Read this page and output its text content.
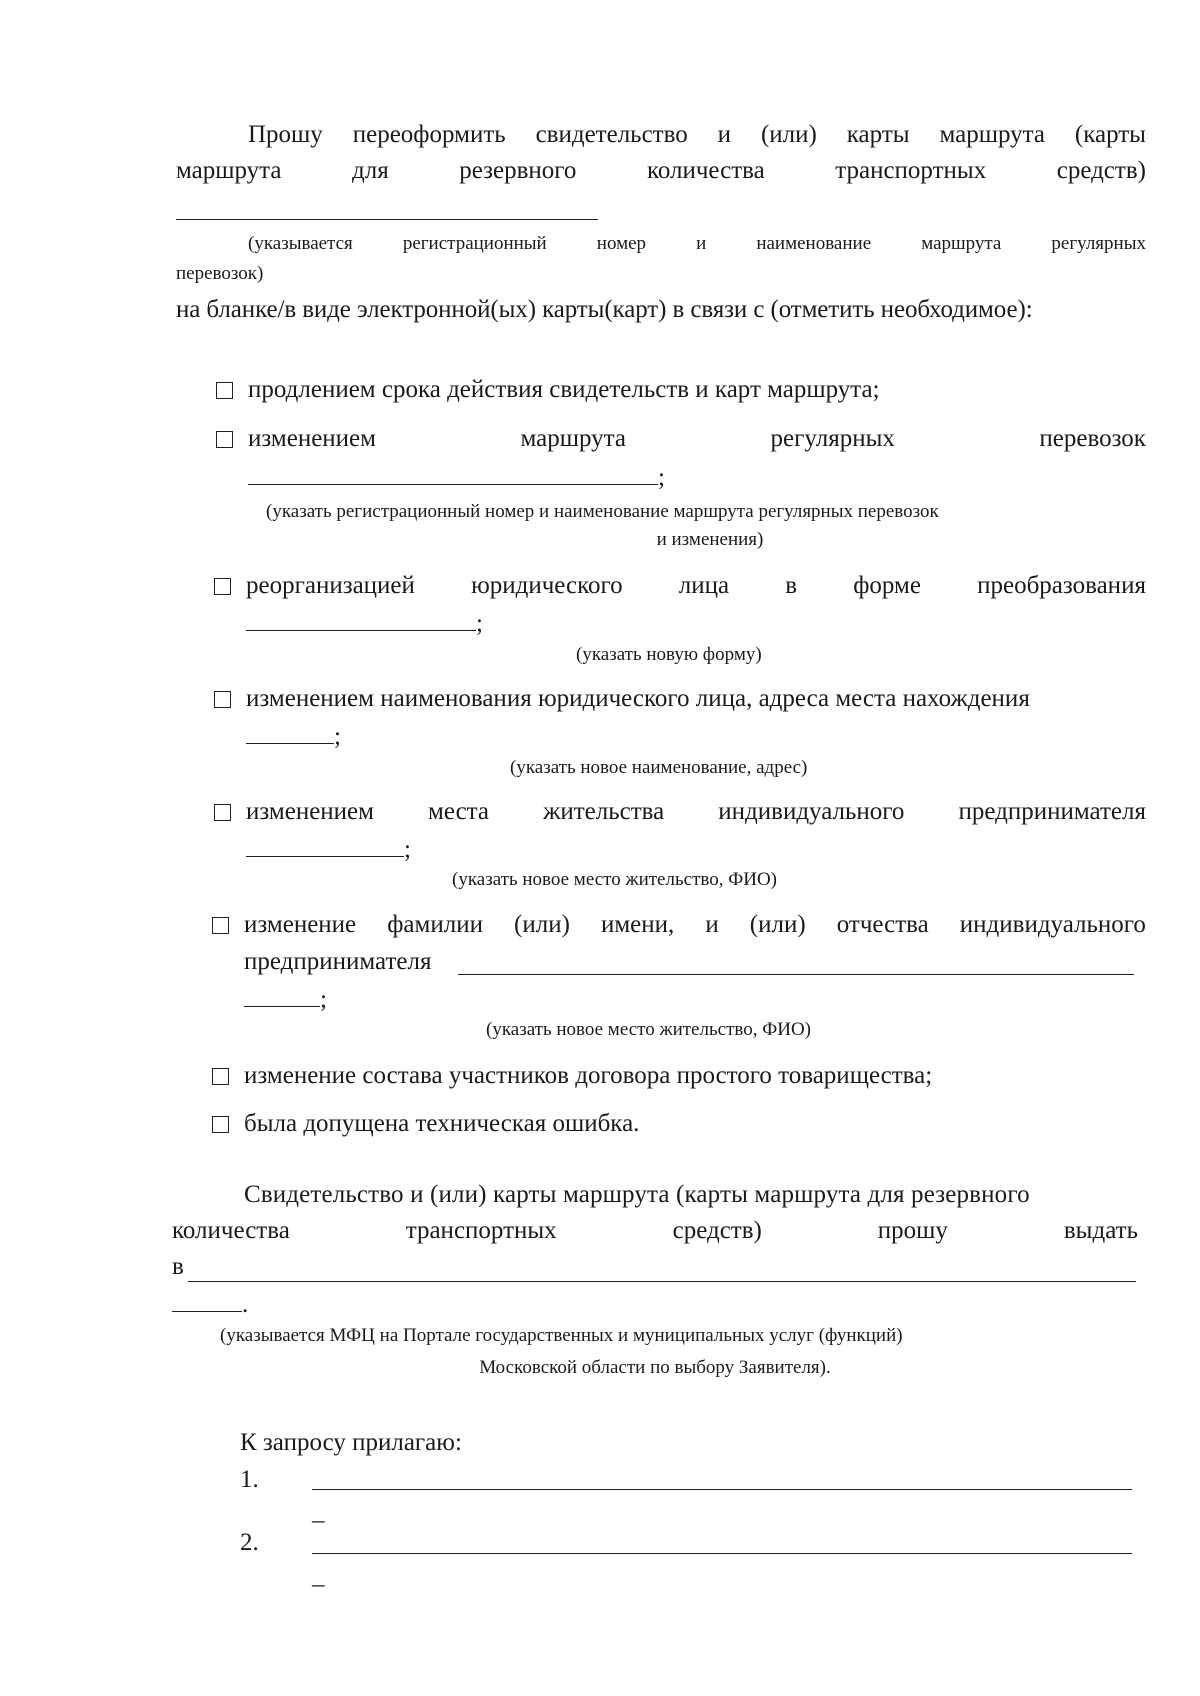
Прошу переоформить свидетельство и (или) карты маршрута (карты
маршрута	для	резервного	количества	транспортных	средств)
(указывается	регистрационный	номер	и	наименование	маршрута	регулярных
перевозок)
на бланке/в виде электронной(ых) карты(карт) в связи с (отметить необходимое):
продлением срока действия свидетельств и карт маршрута;
изменением	маршрута	регулярных	перевозок
;
(указать регистрационный номер и наименование маршрута регулярных перевозок
и изменения)
реорганизацией юридического лица в форме преобразования
;
(указать новую форму)
изменением наименования юридического лица, адреса места нахождения
;
(указать новое наименование, адрес)
изменением места жительства индивидуального предпринимателя
;
(указать новое место жительство, ФИО)
изменение фамилии (или) имени, и (или) отчества индивидуального
предпринимателя
;
(указать новое место жительство, ФИО)
изменение состава участников договора простого товарищества;
была допущена техническая ошибка.
Свидетельство и (или) карты маршрута (карты маршрута для резервного
количества	транспортных	средств)	прошу	выдать
в
.
(указывается МФЦ на Портале государственных и муниципальных услуг (функций)
Московской области по выбору Заявителя).
К запросу прилагаю:
1.
_
2.
_
